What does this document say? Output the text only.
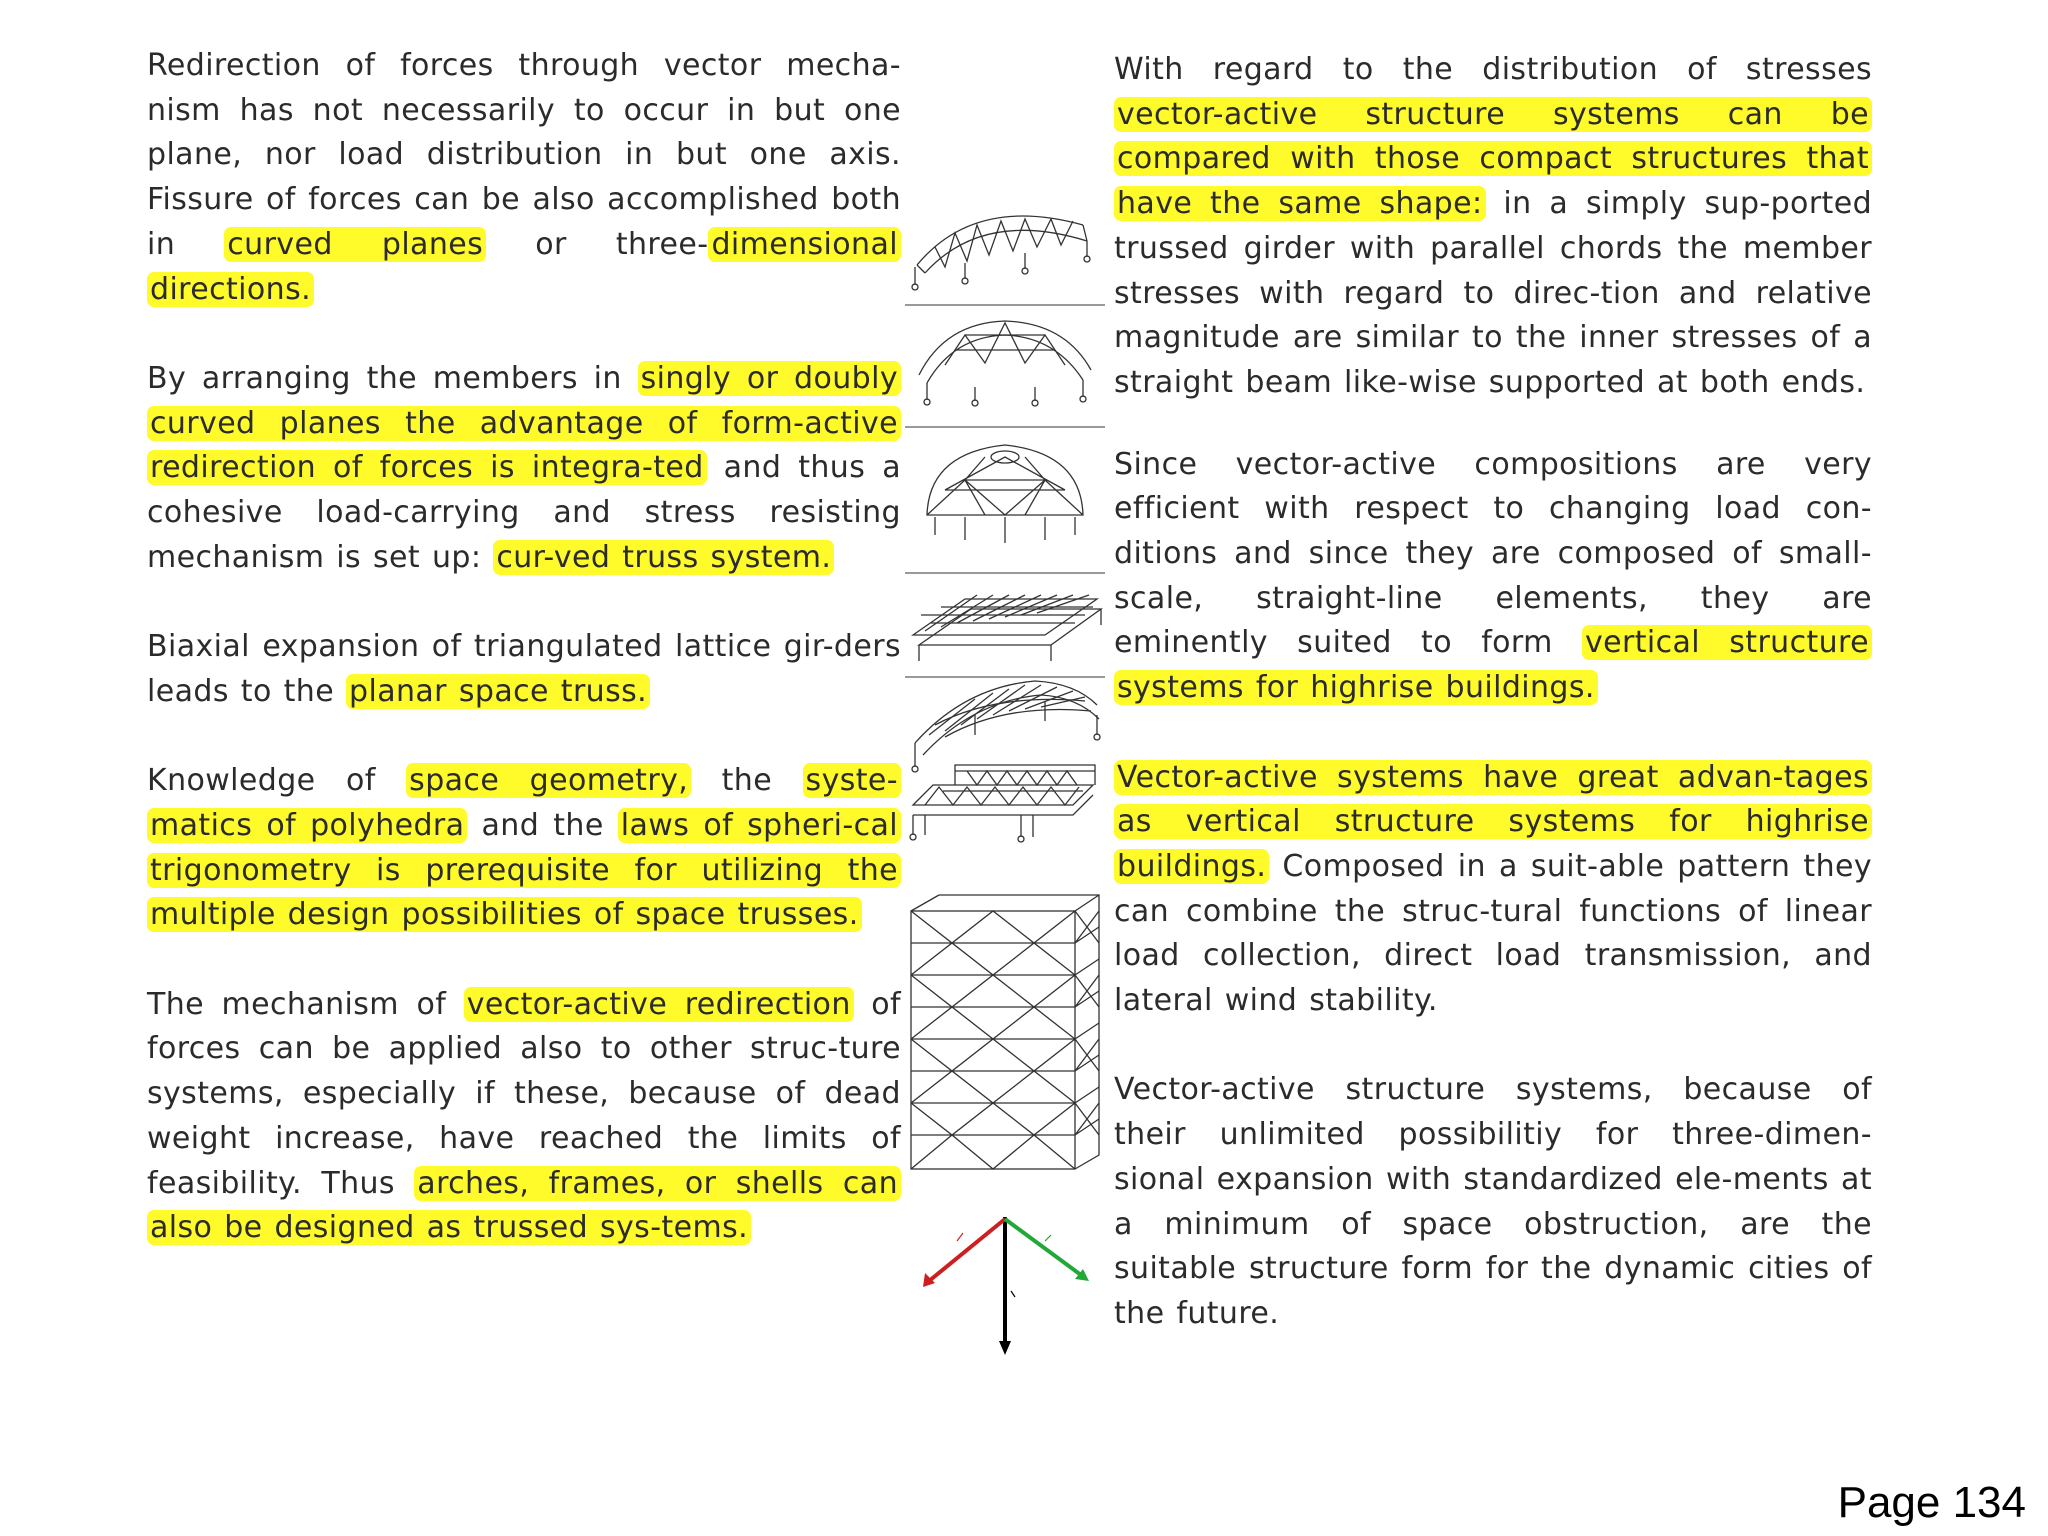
Redirection of forces through vector mecha-nism has not necessarily to occur in but one plane, nor load distribution in but one axis. Fissure of forces can be also accomplished both in curved planes or three- dimensional directions.

By arranging the members in singly or doubly curved planes the advantage of form-active redirection of forces is integra-ted and thus a cohesive load-carrying and stress resisting mechanism is set up: cur-ved truss system.

Biaxial expansion of triangulated lattice gir-ders leads to the planar space truss.

Knowledge of space geometry, the syste-matics of polyhedra and the laws of spheri-cal trigonometry is prerequisite for utilizing the multiple design possibilities of space trusses.

The mechanism of vector-active redirection of forces can be applied also to other struc-ture systems, especially if these, because of dead weight increase, have reached the limits of feasibility. Thus arches, frames, or shells can also be designed as trussed sys-tems.

With regard to the distribution of stresses vector-active structure systems can be compared with those compact structures that have the same shape: in a simply sup-ported trussed girder with parallel chords the member stresses with regard to direc-tion and relative magnitude are similar to the inner stresses of a straight beam like-wise supported at both ends.

Since vector-active compositions are very efficient with respect to changing load con-ditions and since they are composed of small-scale, straight-line elements, they are eminently suited to form vertical structure systems for highrise buildings.

Vector-active systems have great advan-tages as vertical structure systems for highrise buildings. Composed in a suit-able pattern they can combine the struc-tural functions of linear load collection, direct load transmission, and lateral wind stability.

Vector-active structure systems, because of their unlimited possibilitiy for three-dimen-sional expansion with standardized ele-ments at a minimum of space obstruction, are the suitable structure form for the dynamic cities of the future.

Page 134
